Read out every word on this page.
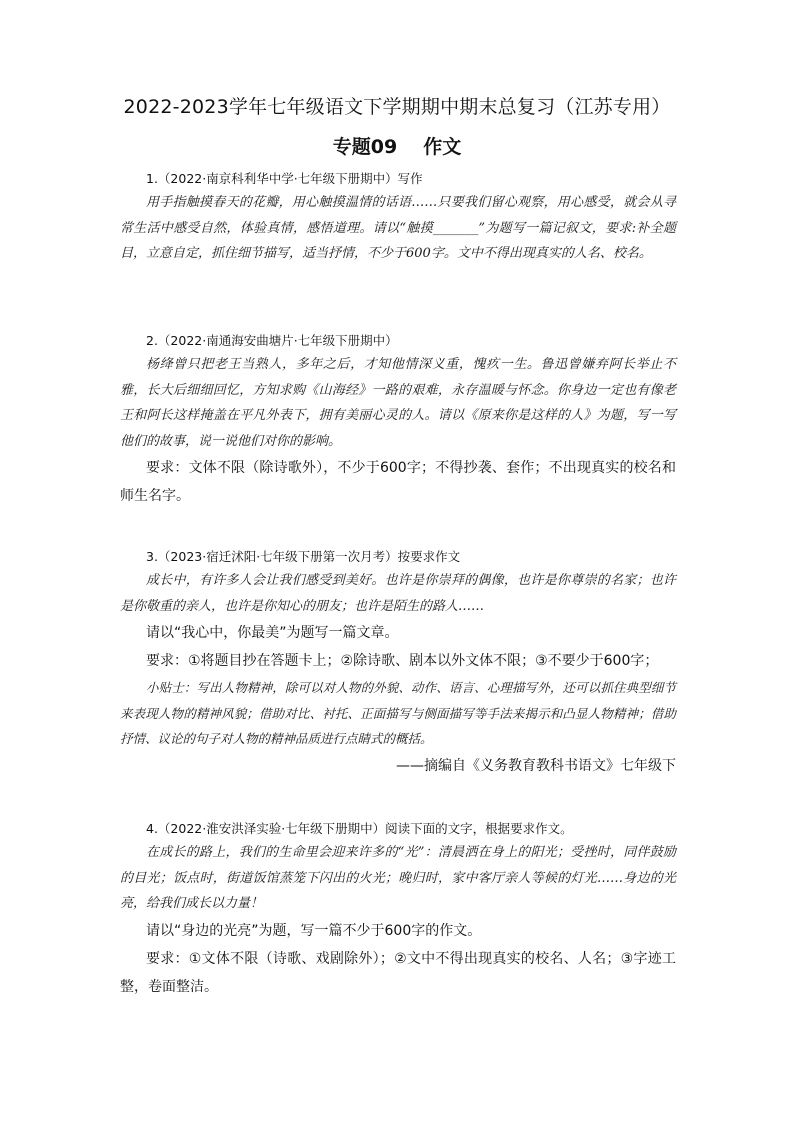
2022-2023学年七年级语文下学期期中期末总复习（江苏专用）
专题09 作文
1.（2022·南京科利华中学·七年级下册期中）写作

用手指触摸春天的花瓣，用心触摸温情的话语……只要我们留心观察，用心感受，就会从寻常生活中感受自然，体验真情，感悟道理。请以“触摸_______”为题写一篇记叙文，要求:补全题目，立意自定，抓住细节描写，适当抒情，不少于600字。文中不得出现真实的人名、校名。

2.（2022·南通海安曲塘片·七年级下册期中）

杨绛曾只把老王当熟人，多年之后，才知他情深义重，愧疚一生。鲁迅曾嫌弃阿长举止不雅，长大后细细回忆，方知求购《山海经》一路的艰难，永存温暖与怀念。你身边一定也有像老王和阿长这样掩盖在平凡外表下，拥有美丽心灵的人。请以《原来你是这样的人》为题，写一写他们的故事，说一说他们对你的影响。

要求：文体不限（除诗歌外），不少于600字；不得抄袭、套作；不出现真实的校名和师生名字。

3.（2023·宿迁沭阳·七年级下册第一次月考）按要求作文

成长中，有许多人会让我们感受到美好。也许是你崇拜的偶像，也许是你尊崇的名家；也许是你敬重的亲人，也许是你知心的朋友；也许是陌生的路人……

请以“我心中，你最美”为题写一篇文章。

要求：①将题目抄在答题卡上；②除诗歌、剧本以外文体不限；③不要少于600字；

小贴士：写出人物精神，除可以对人物的外貌、动作、语言、心理描写外，还可以抓住典型细节来表现人物的精神风貌；借助对比、衬托、正面描写与侧面描写等手法来揭示和凸显人物精神；借助抒情、议论的句子对人物的精神品质进行点睛式的概括。

——摘编自《义务教育教科书语文》七年级下

4.（2022·淮安洪泽实验·七年级下册期中）阅读下面的文字，根据要求作文。

在成长的路上，我们的生命里会迎来许多的“光”：清晨洒在身上的阳光；受挫时，同伴鼓励的目光；饭点时，街道饭馆蒸笼下闪出的火光；晚归时，家中客厅亲人等候的灯光……身边的光亮，给我们成长以力量！

请以“身边的光亮”为题，写一篇不少于600字的作文。

要求：①文体不限（诗歌、戏剧除外）；②文中不得出现真实的校名、人名；③字迹工整，卷面整洁。
